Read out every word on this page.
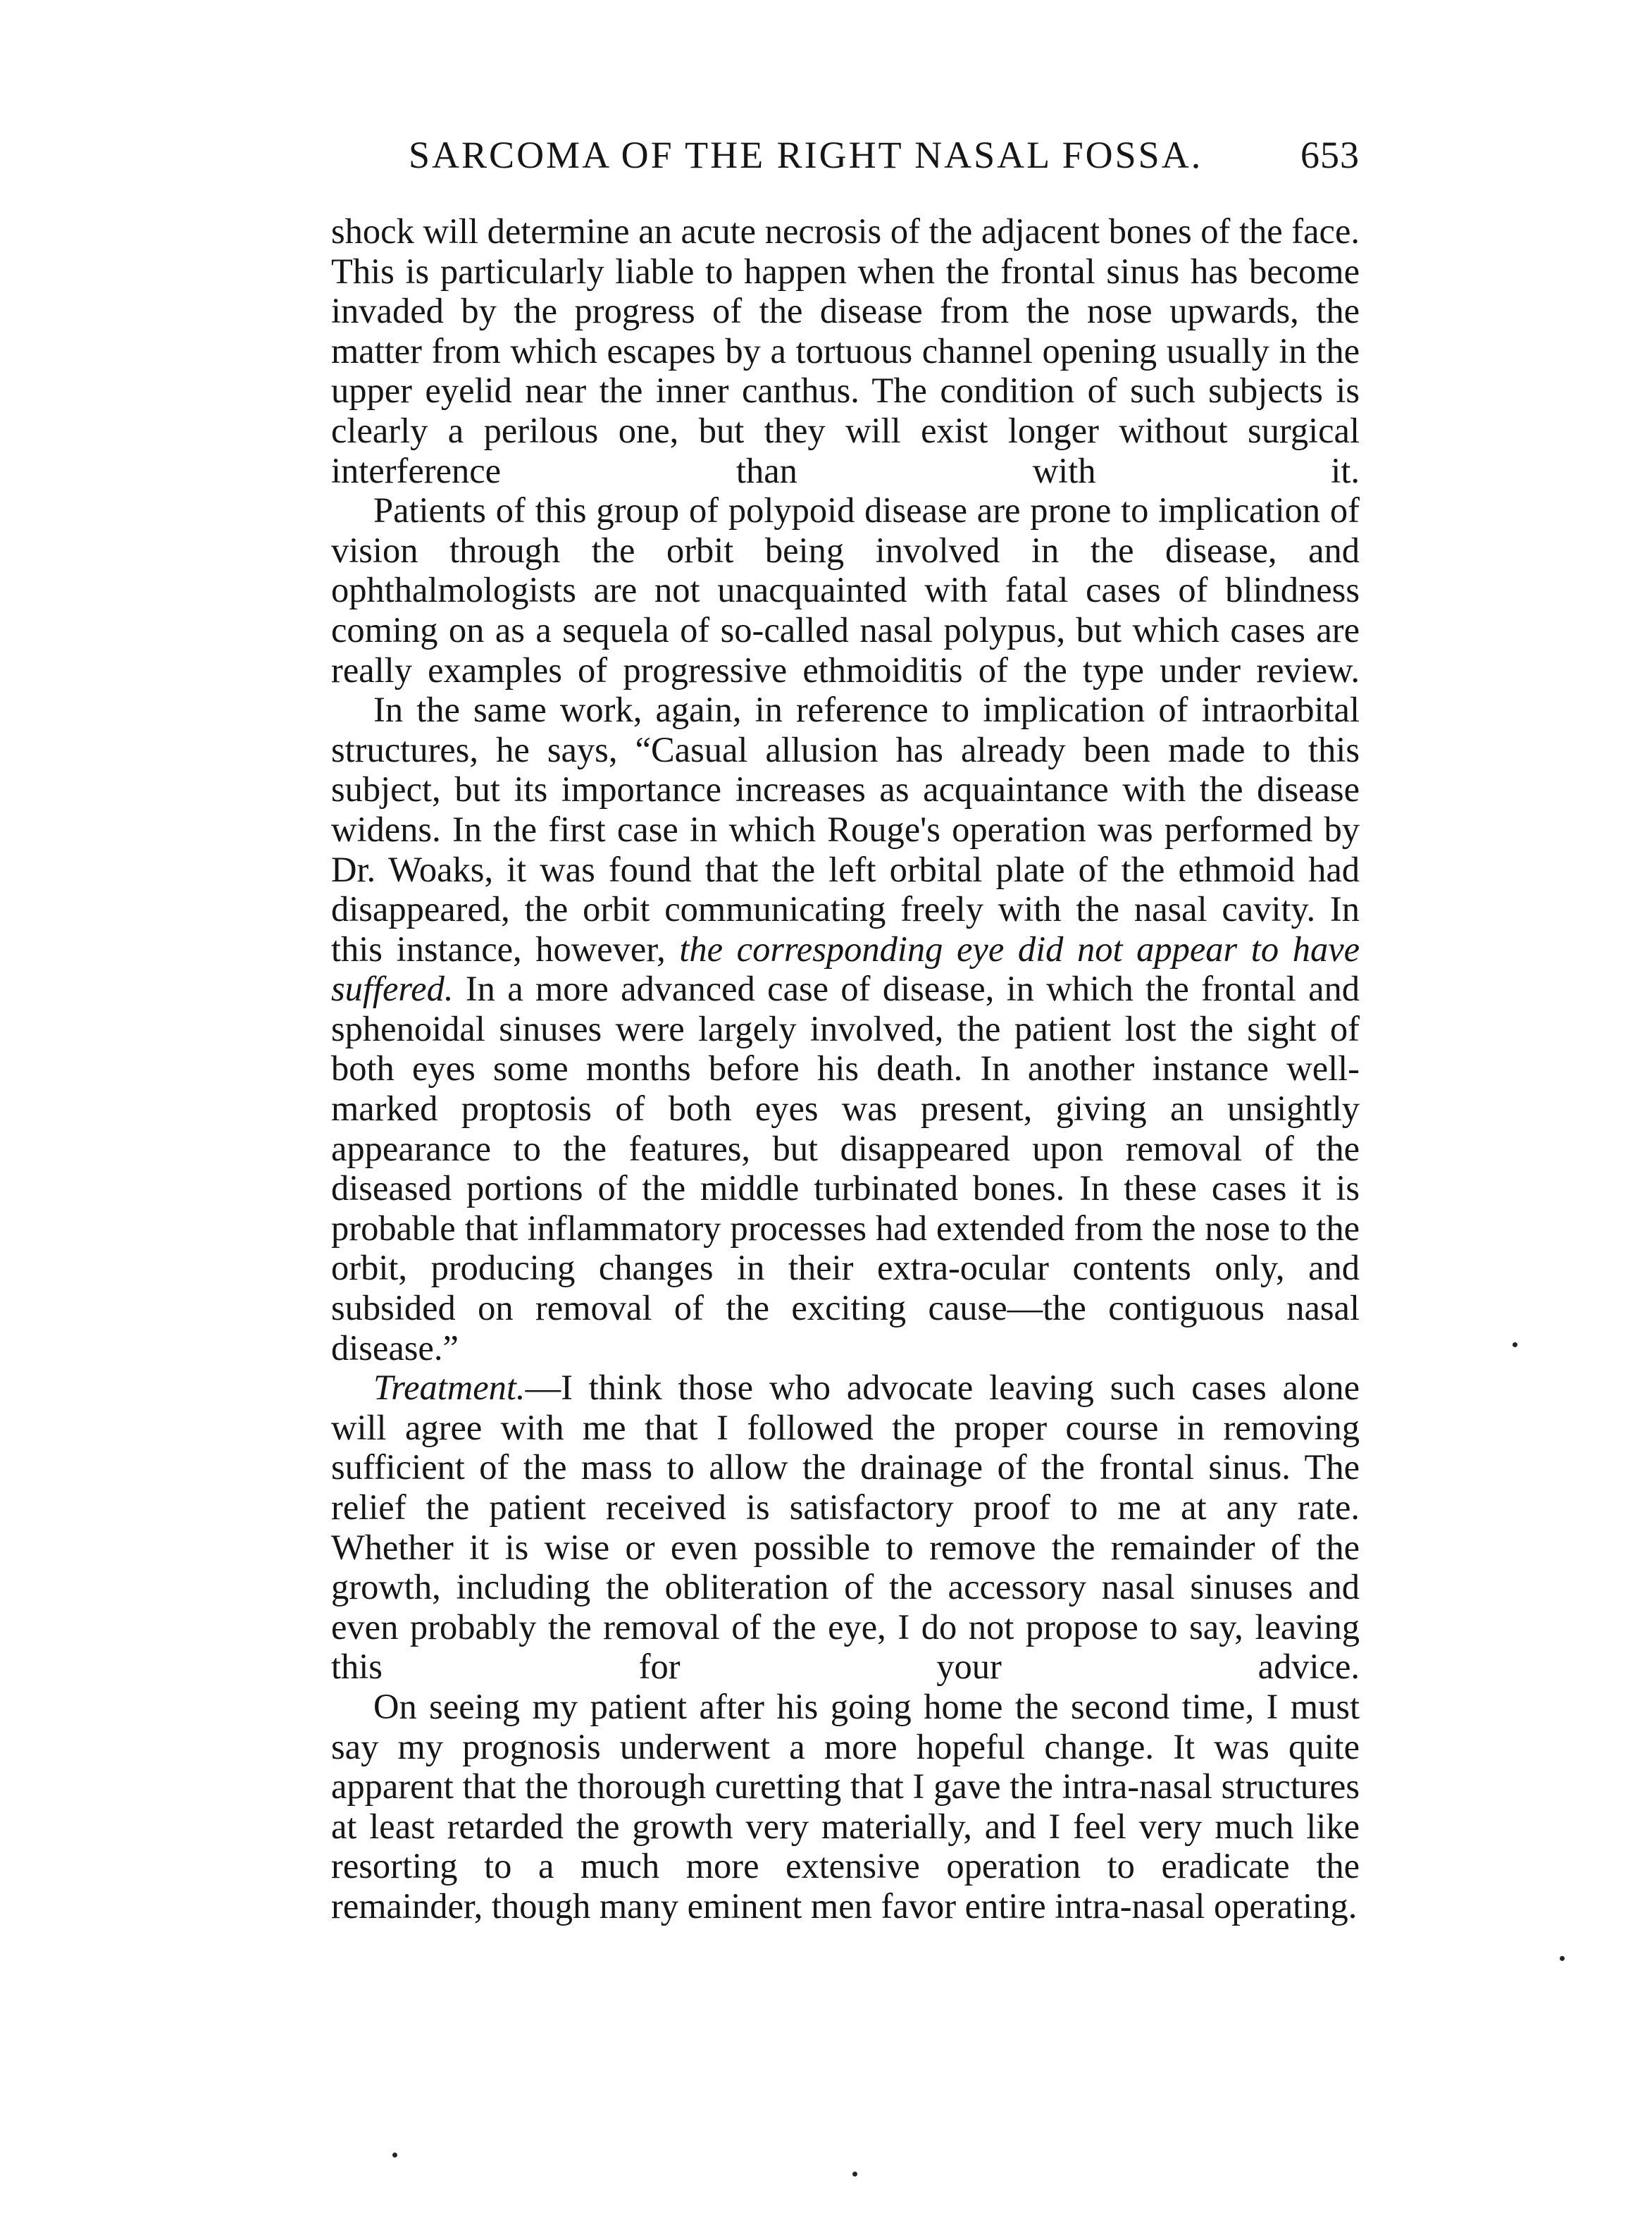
SARCOMA OF THE RIGHT NASAL FOSSA.	653

shock will determine an acute necrosis of the adjacent bones of the face. This is particularly liable to happen when the frontal sinus has become invaded by the progress of the disease from the nose upwards, the matter from which escapes by a tortuous channel opening usually in the upper eyelid near the inner canthus. The condition of such subjects is clearly a perilous one, but they will exist longer without surgical interference than with it.

Patients of this group of polypoid disease are prone to implication of vision through the orbit being involved in the disease, and ophthalmologists are not unacquainted with fatal cases of blindness coming on as a sequela of so-called nasal polypus, but which cases are really examples of progressive ethmoiditis of the type under review.

In the same work, again, in reference to implication of intraorbital structures, he says, “Casual allusion has already been made to this subject, but its importance increases as acquaintance with the disease widens. In the first case in which Rouge's operation was performed by Dr. Woaks, it was found that the left orbital plate of the ethmoid had disappeared, the orbit communicating freely with the nasal cavity. In this instance, however, the corresponding eye did not appear to have suffered. In a more advanced case of disease, in which the frontal and sphenoidal sinuses were largely involved, the patient lost the sight of both eyes some months before his death. In another instance well-marked proptosis of both eyes was present, giving an unsightly appearance to the features, but disappeared upon removal of the diseased portions of the middle turbinated bones. In these cases it is probable that inflammatory processes had extended from the nose to the orbit, producing changes in their extra-ocular contents only, and subsided on removal of the exciting cause—the contiguous nasal disease.”

Treatment.—I think those who advocate leaving such cases alone will agree with me that I followed the proper course in removing sufficient of the mass to allow the drainage of the frontal sinus. The relief the patient received is satisfactory proof to me at any rate. Whether it is wise or even possible to remove the remainder of the growth, including the obliteration of the accessory nasal sinuses and even probably the removal of the eye, I do not propose to say, leaving this for your advice.

On seeing my patient after his going home the second time, I must say my prognosis underwent a more hopeful change. It was quite apparent that the thorough curetting that I gave the intra-nasal structures at least retarded the growth very materially, and I feel very much like resorting to a much more extensive operation to eradicate the remainder, though many eminent men favor entire intra-nasal operating.
